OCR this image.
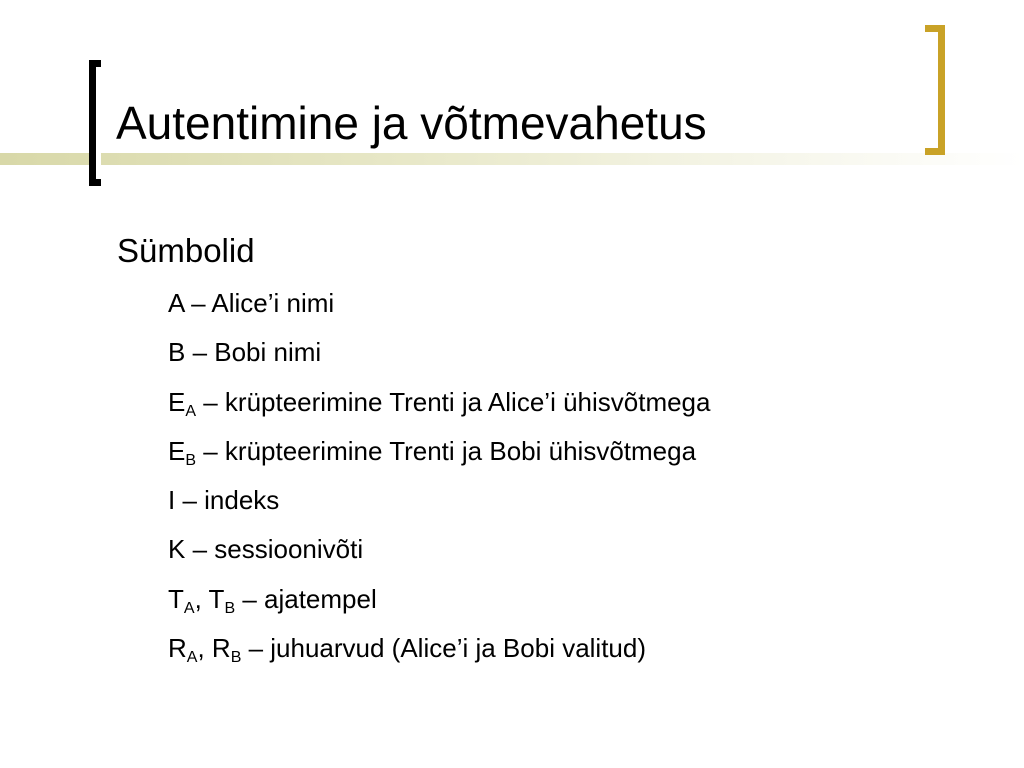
Autentimine ja võtmevahetus
Sümbolid
A – Alice’i nimi
B – Bobi nimi
$E_A$ – krüpteerimine Trenti ja Alice’i ühisvõtmega
$E_B$ – krüpteerimine Trenti ja Bobi ühisvõtmega
I – indeks
K – sessioonivõti
$T_A$, $T_B$ – ajatempel
$R_A$, $R_B$ – juhuarvud (Alice’i ja Bobi valitud)
